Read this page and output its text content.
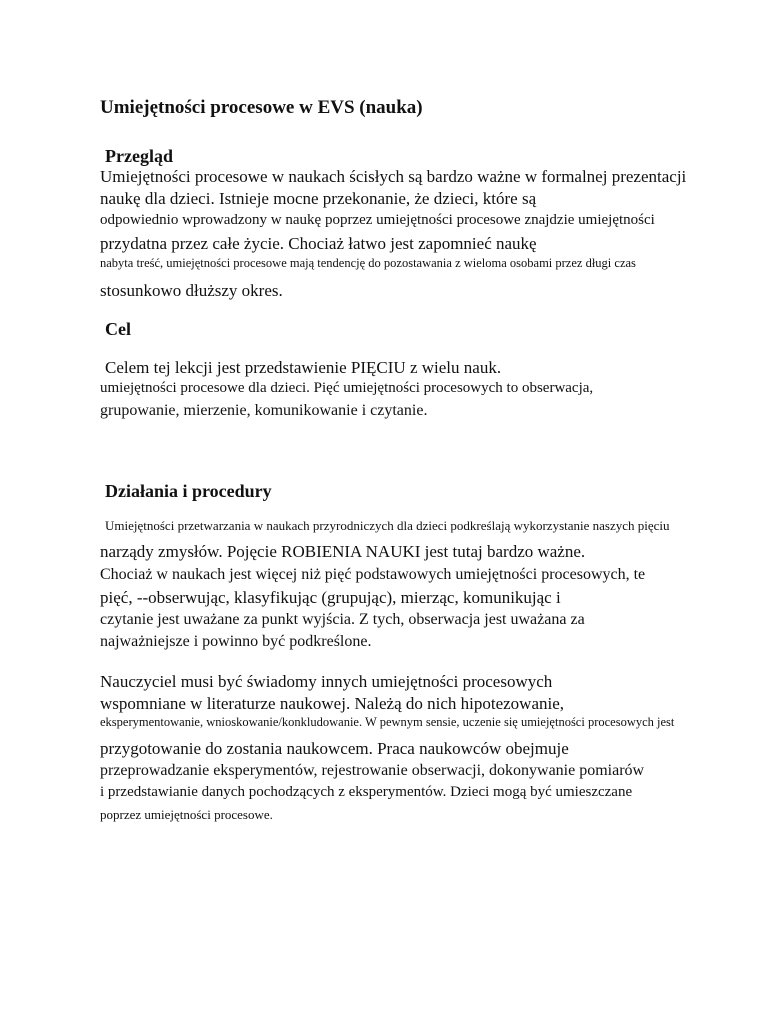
Umiejętności procesowe w EVS (nauka)
Przegląd
Umiejętności procesowe w naukach ścisłych są bardzo ważne w formalnej prezentacji
naukę dla dzieci. Istnieje mocne przekonanie, że dzieci, które są
odpowiednio wprowadzony w naukę poprzez umiejętności procesowe znajdzie umiejętności
przydatna przez całe życie. Chociaż łatwo jest zapomnieć naukę
nabyta treść, umiejętności procesowe mają tendencję do pozostawania z wieloma osobami przez długi czas
stosunkowo dłuższy okres.
Cel
Celem tej lekcji jest przedstawienie PIĘCIU z wielu nauk.
umiejętności procesowe dla dzieci. Pięć umiejętności procesowych to obserwacja,
grupowanie, mierzenie, komunikowanie i czytanie.
Działania i procedury
Umiejętności przetwarzania w naukach przyrodniczych dla dzieci podkreślają wykorzystanie naszych pięciu
narządy zmysłów. Pojęcie ROBIENIA NAUKI jest tutaj bardzo ważne.
Chociaż w naukach jest więcej niż pięć podstawowych umiejętności procesowych, te
pięć, --obserwując, klasyfikując (grupując), mierząc, komunikując i
czytanie jest uważane za punkt wyjścia. Z tych, obserwacja jest uważana za
najważniejsze i powinno być podkreślone.
Nauczyciel musi być świadomy innych umiejętności procesowych
wspomniane w literaturze naukowej. Należą do nich hipotezowanie,
eksperymentowanie, wnioskowanie/konkludowanie. W pewnym sensie, uczenie się umiejętności procesowych jest
przygotowanie do zostania naukowcem. Praca naukowców obejmuje
przeprowadzanie eksperymentów, rejestrowanie obserwacji, dokonywanie pomiarów
i przedstawianie danych pochodzących z eksperymentów. Dzieci mogą być umieszczane
poprzez umiejętności procesowe.
